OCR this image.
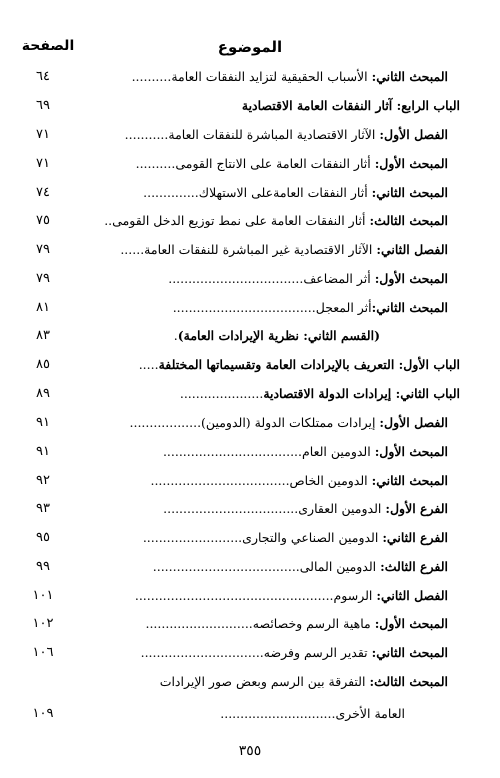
الموضوع
الصفحة
المبحث الثاني: الأسباب الحقيقية لتزايد النفقات العامة..........
٦٤
الباب الرابع: آثار النفقات العامة الاقتصادية
٦٩
الفصل الأول: الآثار الاقتصادية المباشرة للنفقات العامة...........
٧١
المبحث الأول: أثار النفقات العامة على الانتاج القومى..........
٧١
المبحث الثاني: أثار النفقات العامةعلى الاستهلاك..............
٧٤
المبحث الثالث: أثار النفقات العامة على نمط توزيع الدخل القومى..
٧٥
الفصل الثاني: الآثار الاقتصادية غير المباشرة للنفقات العامة......
٧٩
المبحث الأول: أثر المضاعف..................................
٧٩
المبحث الثاني:أثر المعجل....................................
٨١
(القسم الثاني: نظرية الإيرادات العامة).
٨٣
الباب الأول: التعريف بالإيرادات العامة وتقسيماتها المختلفة.....
٨٥
الباب الثاني: إيرادات الدولة الاقتصادية.....................
٨٩
الفصل الأول: إيرادات ممتلكات الدولة (الدومين)..................
٩١
المبحث الأول: الدومين العام...................................
٩١
المبحث الثاني: الدومين الخاص...................................
٩٢
الفرع الأول: الدومين العقارى..................................
٩٣
الفرع الثاني: الدومين الصناعي والتجارى.........................
٩٥
الفرع الثالث: الدومين المالى.....................................
٩٩
الفصل الثاني: الرسوم..................................................
١٠١
المبحث الأول: ماهية الرسم وخصائصه...........................
١٠٢
المبحث الثاني: تقدير الرسم وفرضه...............................
١٠٦
المبحث الثالث: التفرقة بين الرسم وبعض صور الإيرادات
العامة الأخرى.............................
١٠٩
٣٥٥
